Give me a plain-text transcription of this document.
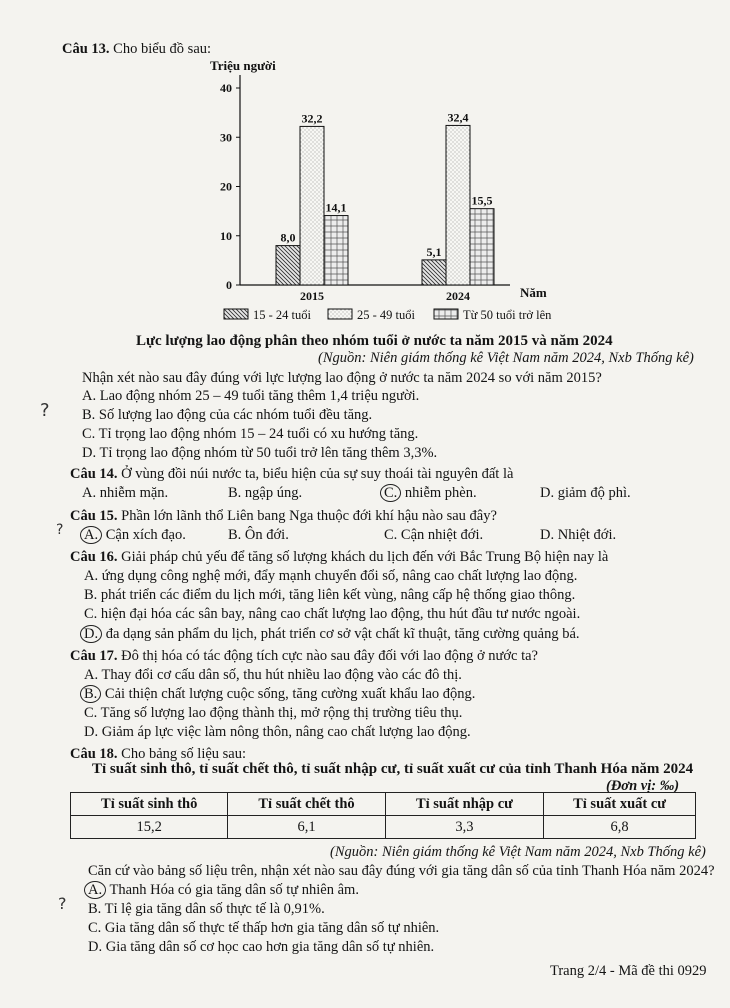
Câu 13. Cho biểu đồ sau:
Triệu người
Năm
0
10
20
30
40
8,0
32,2
14,1
5,1
32,4
15,5
2015	2024
15 - 24 tuổi	25 - 49 tuổi	Từ 50 tuổi trở lên
Lực lượng lao động phân theo nhóm tuổi ở nước ta năm 2015 và năm 2024
(Nguồn: Niên giám thống kê Việt Nam năm 2024, Nxb Thống kê)
Nhận xét nào sau đây đúng với lực lượng lao động ở nước ta năm 2024 so với năm 2015?
A. Lao động nhóm 25 – 49 tuổi tăng thêm 1,4 triệu người.
B. Số lượng lao động của các nhóm tuổi đều tăng.
C. Tỉ trọng lao động nhóm 15 – 24 tuổi có xu hướng tăng.
D. Tỉ trọng lao động nhóm từ 50 tuổi trở lên tăng thêm 3,3%.
Câu 14. Ở vùng đồi núi nước ta, biểu hiện của sự suy thoái tài nguyên đất là
A. nhiễm mặn.	B. ngập úng.	C. nhiễm phèn.	D. giảm độ phì.
Câu 15. Phần lớn lãnh thổ Liên bang Nga thuộc đới khí hậu nào sau đây?
A. Cận xích đạo.	B. Ôn đới.	C. Cận nhiệt đới.	D. Nhiệt đới.
Câu 16. Giải pháp chủ yếu để tăng số lượng khách du lịch đến với Bắc Trung Bộ hiện nay là
A. ứng dụng công nghệ mới, đẩy mạnh chuyển đổi số, nâng cao chất lượng lao động.
B. phát triển các điểm du lịch mới, tăng liên kết vùng, nâng cấp hệ thống giao thông.
C. hiện đại hóa các sân bay, nâng cao chất lượng lao động, thu hút đầu tư nước ngoài.
D. đa dạng sản phẩm du lịch, phát triển cơ sở vật chất kĩ thuật, tăng cường quảng bá.
Câu 17. Đô thị hóa có tác động tích cực nào sau đây đối với lao động ở nước ta?
A. Thay đổi cơ cấu dân số, thu hút nhiều lao động vào các đô thị.
B. Cải thiện chất lượng cuộc sống, tăng cường xuất khẩu lao động.
C. Tăng số lượng lao động thành thị, mở rộng thị trường tiêu thụ.
D. Giảm áp lực việc làm nông thôn, nâng cao chất lượng lao động.
Câu 18. Cho bảng số liệu sau:
Tỉ suất sinh thô, tỉ suất chết thô, tỉ suất nhập cư, tỉ suất xuất cư của tỉnh Thanh Hóa năm 2024
(Đơn vị: ‰)
Tỉ suất sinh thô	Tỉ suất chết thô	Tỉ suất nhập cư	Tỉ suất xuất cư
15,2	6,1	3,3	6,8
(Nguồn: Niên giám thống kê Việt Nam năm 2024, Nxb Thống kê)
Căn cứ vào bảng số liệu trên, nhận xét nào sau đây đúng với gia tăng dân số của tỉnh Thanh Hóa năm 2024?
A. Thanh Hóa có gia tăng dân số tự nhiên âm.
B. Tỉ lệ gia tăng dân số thực tế là 0,91%.
C. Gia tăng dân số thực tế thấp hơn gia tăng dân số tự nhiên.
D. Gia tăng dân số cơ học cao hơn gia tăng dân số tự nhiên.
?
?
?
Trang 2/4 - Mã đề thi 0929
